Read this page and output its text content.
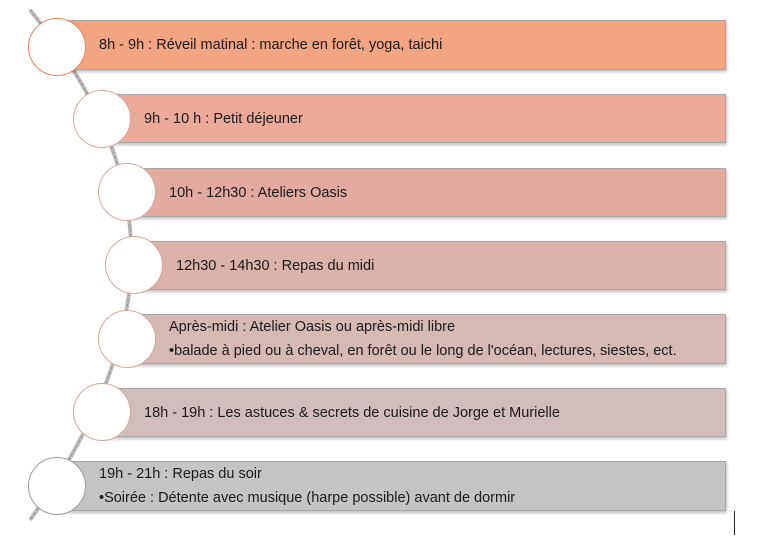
8h - 9h : Réveil matinal : marche en forêt, yoga, taichi
9h - 10 h : Petit déjeuner
10h - 12h30 : Ateliers Oasis
12h30 - 14h30 : Repas du midi
Après-midi : Atelier Oasis ou après-midi libre
•balade à pied ou à cheval, en forêt ou le long de l'océan, lectures, siestes, ect.
18h - 19h : Les astuces & secrets de cuisine de Jorge et Murielle
19h - 21h : Repas du soir
•Soirée : Détente avec musique (harpe possible) avant de dormir
